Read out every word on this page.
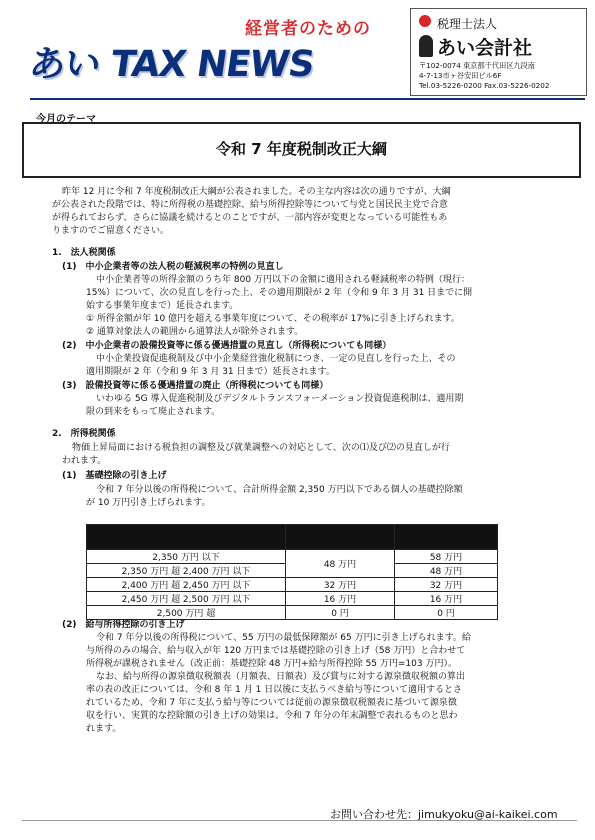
経営者のための
あい TAX NEWS
税理士法人
あい会計社
〒102-0074 東京都千代田区九段南
4-7-13市ヶ谷安田ビル6F
Tel.03-5226-0200 Fax.03-5226-0202
今月のテーマ
令和 7 年度税制改正大綱
昨年 12 月に令和 7 年度税制改正大綱が公表されました。その主な内容は次の通りですが、大綱
が公表された段階では、特に所得税の基礎控除、給与所得控除等について与党と国民民主党で合意
が得られておらず、さらに協議を続けるとのことですが、一部内容が変更となっている可能性もあ
りますのでご留意ください。
1.　法人税関係
(1)　中小企業者等の法人税の軽減税率の特例の見直し
中小企業者等の所得金額のうち年 800 万円以下の金額に適用される軽減税率の特例（現行：
15%）について、次の見直しを行った上、その適用期限が 2 年（令和 9 年 3 月 31 日までに開
始する事業年度まで）延長されます。
① 所得金額が年 10 億円を超える事業年度について、その税率が 17%に引き上げられます。
② 通算対象法人の範囲から通算法人が除外されます。
(2)　中小企業者の設備投資等に係る優遇措置の見直し（所得税についても同様）
中小企業投資促進税制及び中小企業経営強化税制につき、一定の見直しを行った上、その
適用期限が 2 年（令和 9 年 3 月 31 日まで）延長されます。
(3)　設備投資等に係る優遇措置の廃止（所得税についても同様）
いわゆる 5G 導入促進税制及びデジタルトランスフォーメーション投資促進税制は、適用期
限の到来をもって廃止されます。
2.　所得税関係
物価上昇局面における税負担の調整及び就業調整への対応として、次の⑴及び⑵の見直しが行
われます。
(1)　基礎控除の引き上げ
令和 7 年分以後の所得税について、合計所得金額 2,350 万円以下である個人の基礎控除額
が 10 万円引き上げられます。

2,350 万円 以下	48 万円	58 万円
2,350 万円 超 2,400 万円 以下		48 万円
2,400 万円 超 2,450 万円 以下	32 万円	32 万円
2,450 万円 超 2,500 万円 以下	16 万円	16 万円
2,500 万円 超	0 円	0 円
(2)　給与所得控除の引き上げ
令和 7 年分以後の所得税について、55 万円の最低保障額が 65 万円に引き上げられます。給
与所得のみの場合、給与収入が年 120 万円までは基礎控除の引き上げ（58 万円）と合わせて
所得税が課税されません（改正前：基礎控除 48 万円+給与所得控除 55 万円=103 万円）。
なお、給与所得の源泉徴収税額表（月額表、日額表）及び賞与に対する源泉徴収税額の算出
率の表の改正については、令和 8 年 1 月 1 日以後に支払うべき給与等について適用するとさ
れているため、令和 7 年に支払う給与等については従前の源泉徴収税額表に基づいて源泉徴
収を行い、実質的な控除額の引き上げの効果は、令和 7 年分の年末調整で表れるものと思わ
れます。
お問い合わせ先：jimukyoku@ai-kaikei.com
